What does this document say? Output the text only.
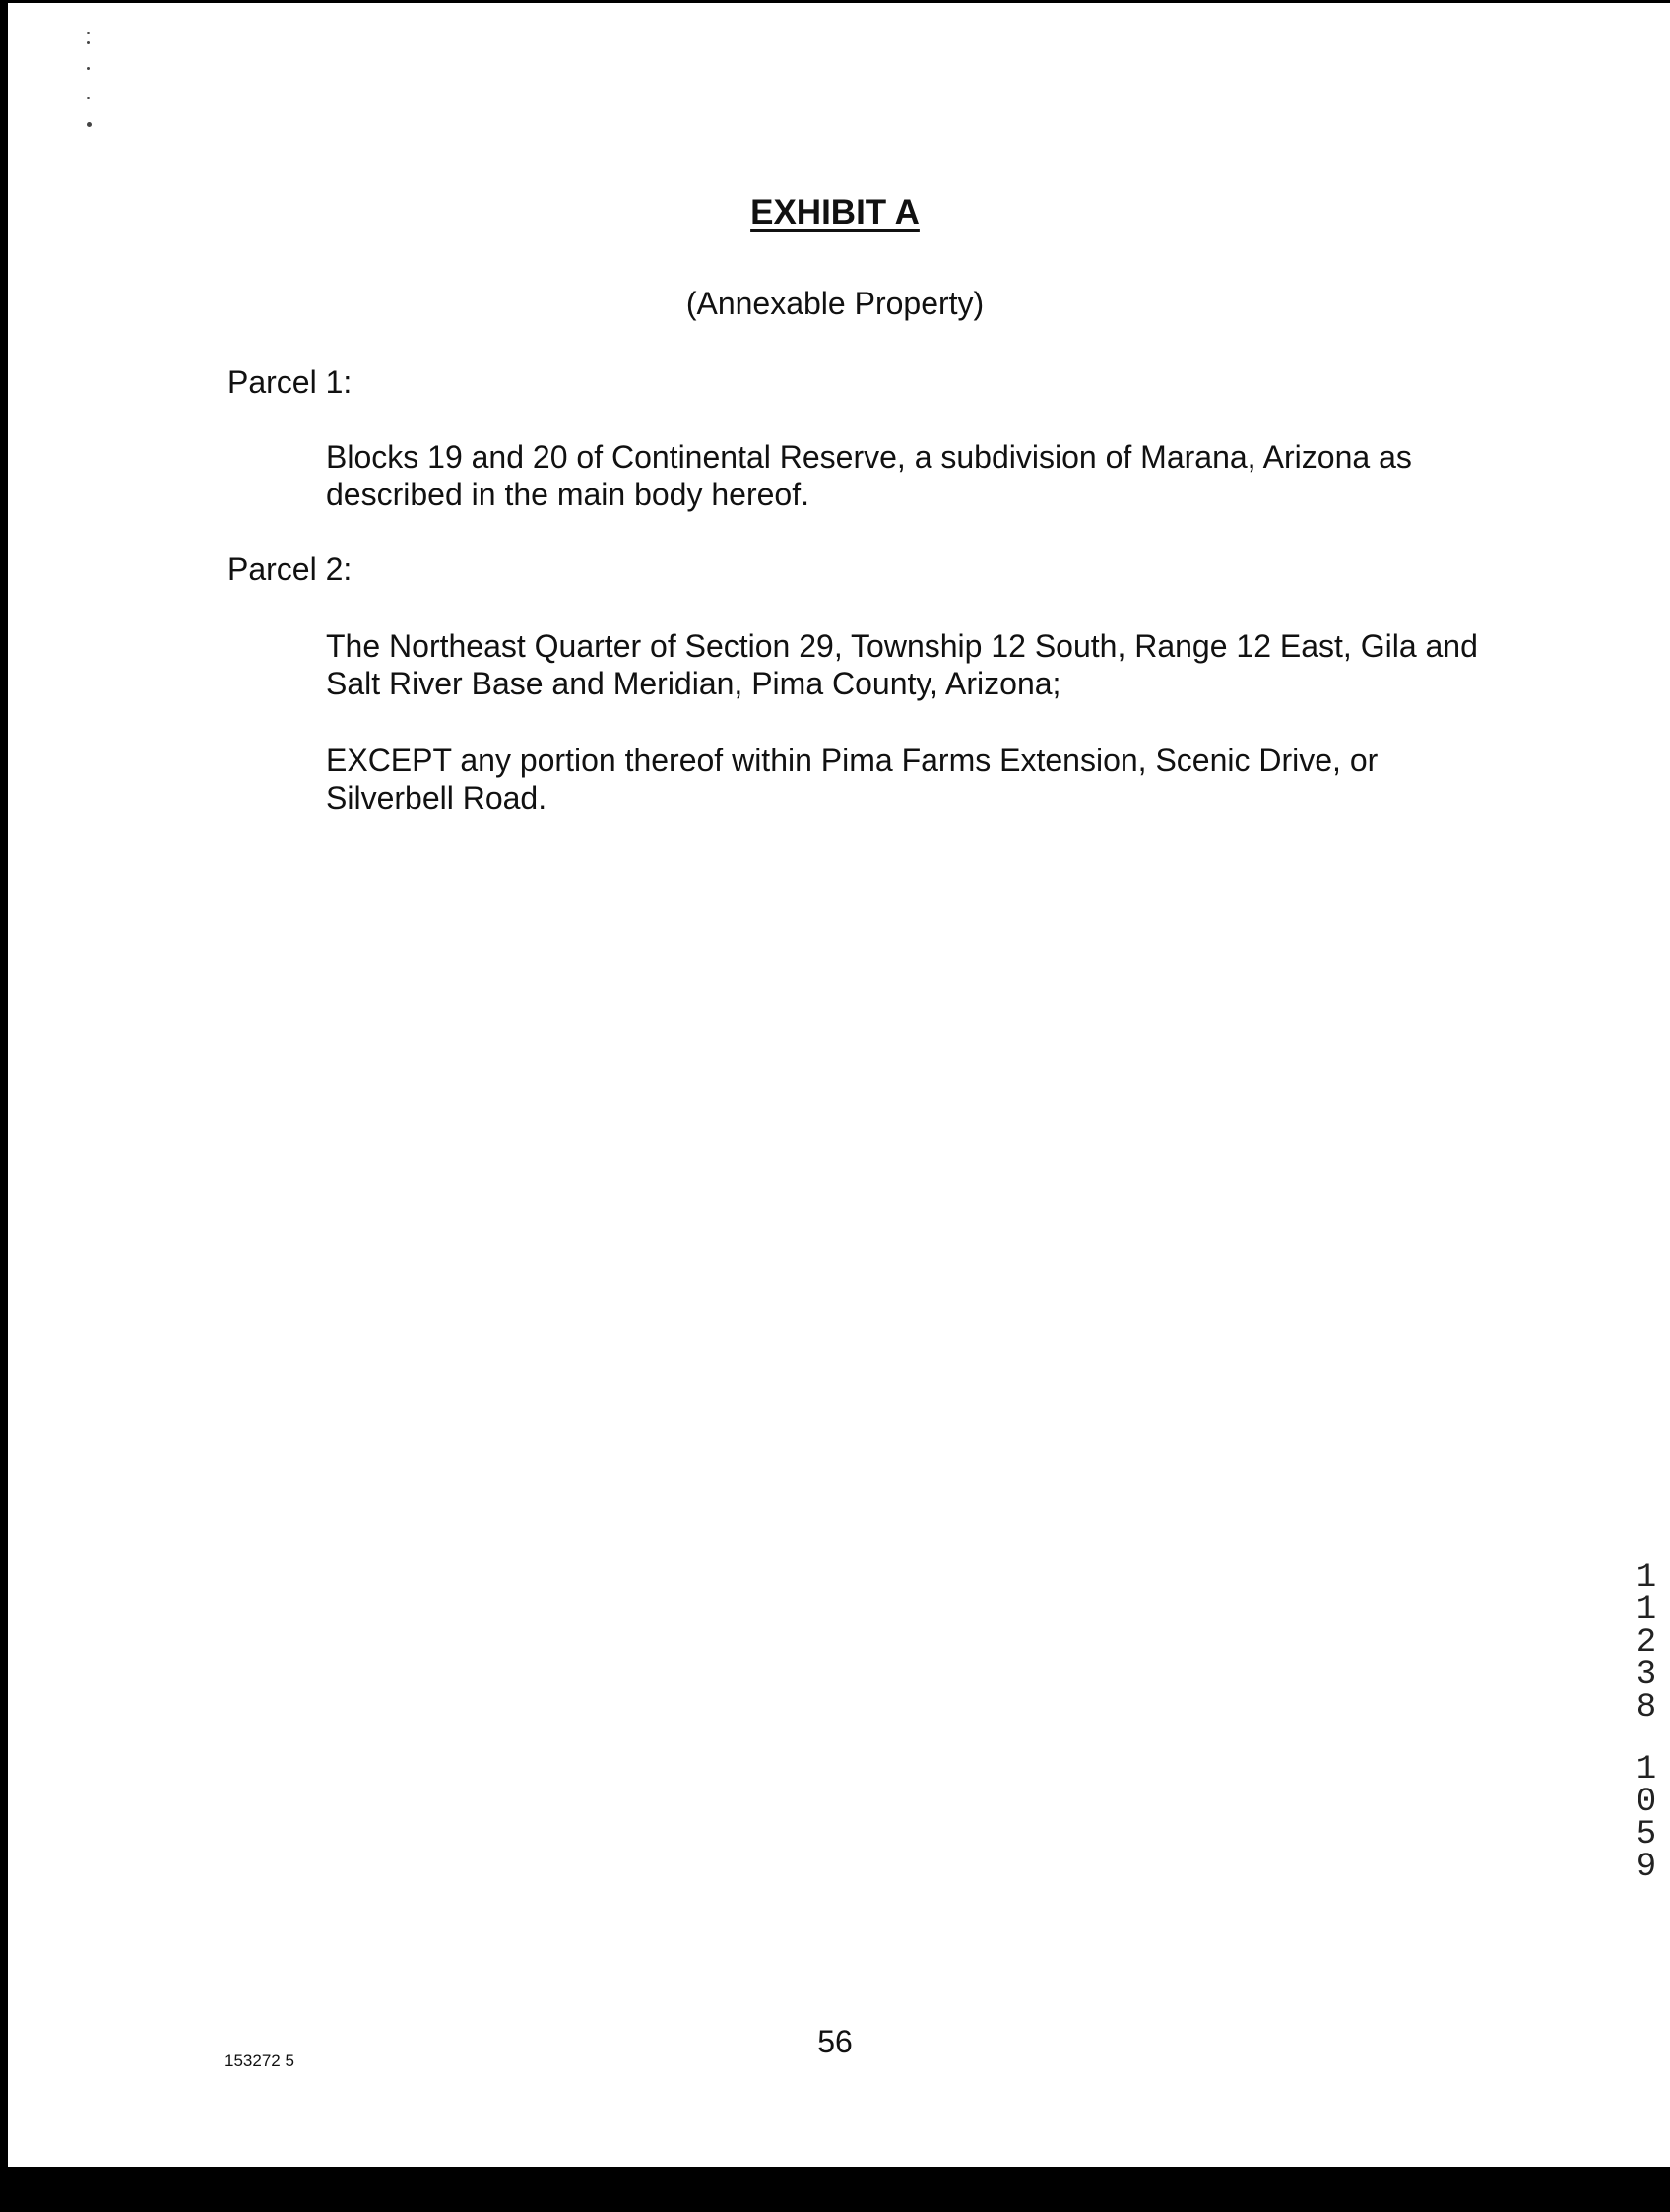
EXHIBIT A
(Annexable Property)
Parcel 1:
Blocks 19 and 20 of Continental Reserve, a subdivision of Marana, Arizona as described in the main body hereof.
Parcel 2:
The Northeast Quarter of Section 29, Township 12 South, Range 12 East, Gila and Salt River Base and Meridian, Pima County, Arizona;
EXCEPT any portion thereof within Pima Farms Extension, Scenic Drive, or Silverbell Road.
1
1
2
3
8
1
0
5
9
56
153272 5
